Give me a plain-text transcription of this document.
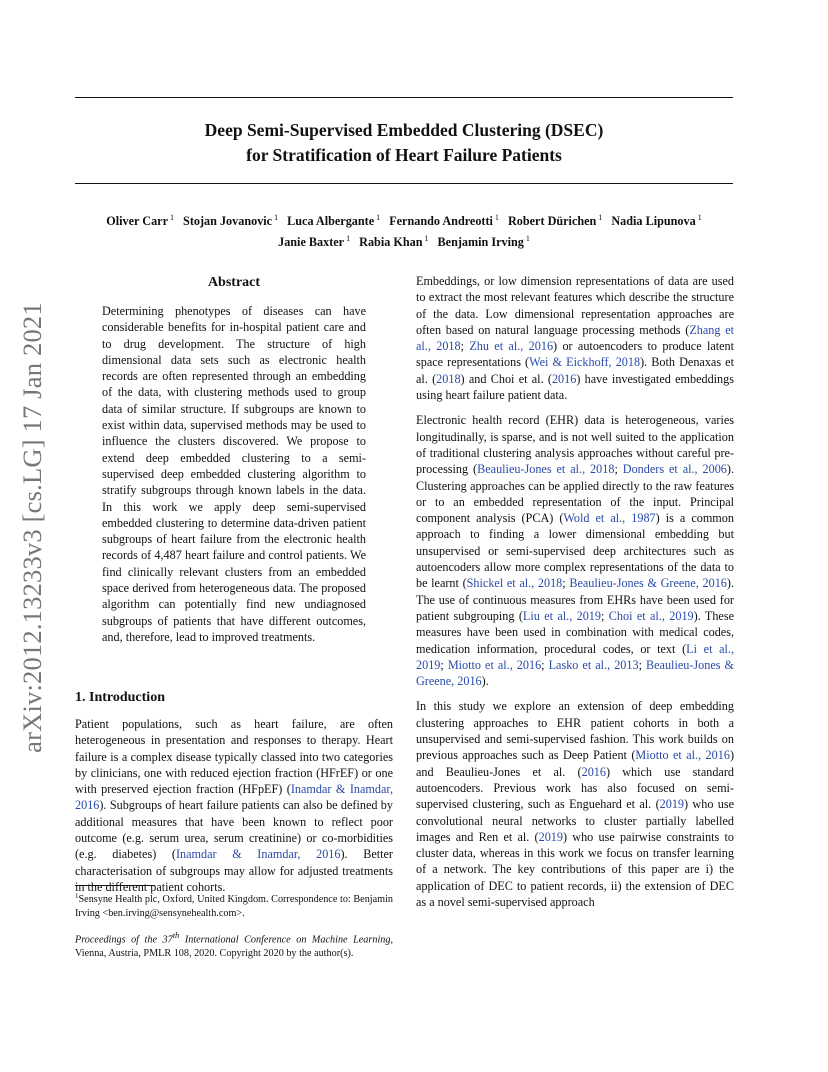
arXiv:2012.13233v3 [cs.LG] 17 Jan 2021
Deep Semi-Supervised Embedded Clustering (DSEC)
for Stratification of Heart Failure Patients
Oliver Carr $^1$ Stojan Jovanovic $^1$ Luca Albergante $^1$ Fernando Andreotti $^1$ Robert Dürichen $^1$ Nadia Lipunova $^1$
Janie Baxter $^1$ Rabia Khan $^1$ Benjamin Irving $^1$
Abstract
Determining phenotypes of diseases can have considerable benefits for in-hospital patient care and to drug development. The structure of high dimensional data sets such as electronic health records are often represented through an embedding of the data, with clustering methods used to group data of similar structure. If subgroups are known to exist within data, supervised methods may be used to influence the clusters discovered. We propose to extend deep embedded clustering to a semi-supervised deep embedded clustering algorithm to stratify subgroups through known labels in the data. In this work we apply deep semi-supervised embedded clustering to determine data-driven patient subgroups of heart failure from the electronic health records of 4,487 heart failure and control patients. We find clinically relevant clusters from an embedded space derived from heterogeneous data. The proposed algorithm can potentially find new undiagnosed subgroups of patients that have different outcomes, and, therefore, lead to improved treatments.
1. Introduction

Patient populations, such as heart failure, are often heterogeneous in presentation and responses to therapy. Heart failure is a complex disease typically classed into two categories by clinicians, one with reduced ejection fraction (HFrEF) or one with preserved ejection fraction (HFpEF) (Inamdar & Inamdar, 2016). Subgroups of heart failure patients can also be defined by additional measures that have been known to reflect poor outcome (e.g. serum urea, serum creatinine) or co-morbidities (e.g. diabetes) (Inamdar & Inamdar, 2016). Better characterisation of subgroups may allow for adjusted treatments in the different patient cohorts.

Embeddings, or low dimension representations of data are used to extract the most relevant features which describe the structure of the data. Low dimensional representation approaches are often based on natural language processing methods (Zhang et al., 2018; Zhu et al., 2016) or autoencoders to produce latent space representations (Wei & Eickhoff, 2018). Both Denaxas et al. (2018) and Choi et al. (2016) have investigated embeddings using heart failure patient data.

Electronic health record (EHR) data is heterogeneous, varies longitudinally, is sparse, and is not well suited to the application of traditional clustering analysis approaches without careful pre-processing (Beaulieu-Jones et al., 2018; Donders et al., 2006). Clustering approaches can be applied directly to the raw features or to an embedded representation of the input. Principal component analysis (PCA) (Wold et al., 1987) is a common approach to finding a lower dimensional embedding but unsupervised or semi-supervised deep architectures such as autoencoders allow more complex representations of the data to be learnt (Shickel et al., 2018; Beaulieu-Jones & Greene, 2016). The use of continuous measures from EHRs have been used for patient subgrouping (Liu et al., 2019; Choi et al., 2019). These measures have been used in combination with medical codes, medication information, procedural codes, or text (Li et al., 2019; Miotto et al., 2016; Lasko et al., 2013; Beaulieu-Jones & Greene, 2016).

In this study we explore an extension of deep embedding clustering approaches to EHR patient cohorts in both a unsupervised and semi-supervised fashion. This work builds on previous approaches such as Deep Patient (Miotto et al., 2016) and Beaulieu-Jones et al. (2016) which use standard autoencoders. Previous work has also focused on semi-supervised clustering, such as Enguehard et al. (2019) who use convolutional neural networks to cluster partially labelled images and Ren et al. (2019) who use pairwise constraints to cluster data, whereas in this work we focus on transfer learning of a network. The key contributions of this paper are i) the application of DEC to patient records, ii) the extension of DEC as a novel semi-supervised approach

$^1$Sensyne Health plc, Oxford, United Kingdom. Correspondence to: Benjamin Irving <ben.irving@sensynehealth.com>.
Proceedings of the 37th International Conference on Machine Learning, Vienna, Austria, PMLR 108, 2020. Copyright 2020 by the author(s).
